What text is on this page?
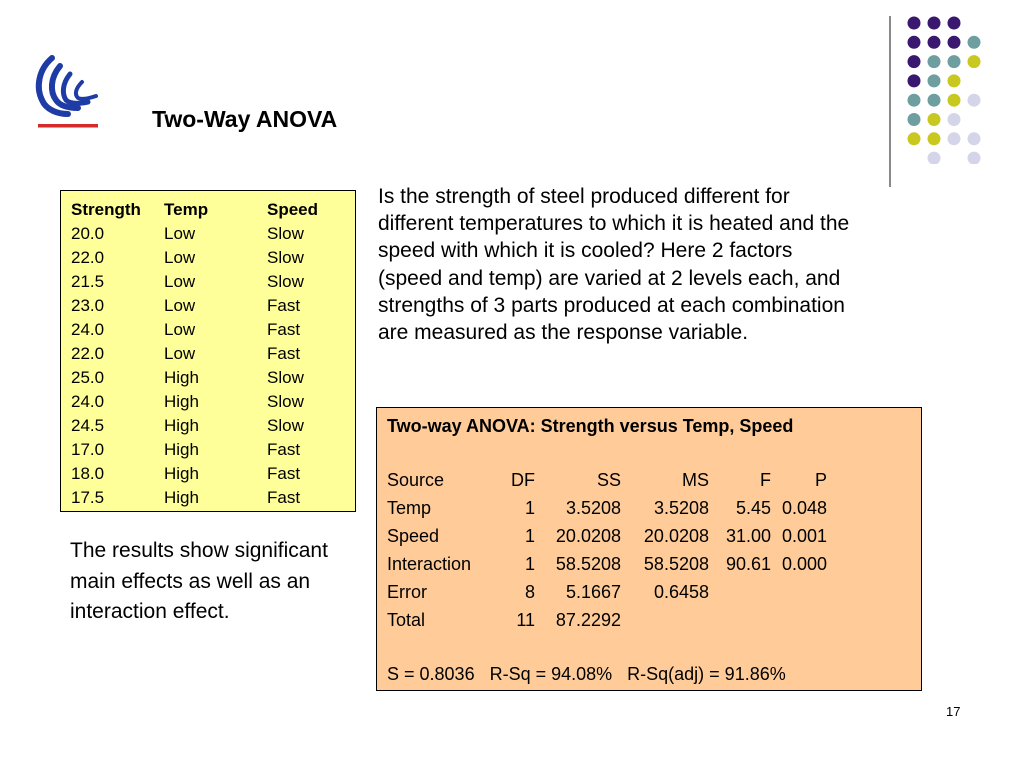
Two-Way ANOVA
Strength	Temp	Speed
20.0	Low	Slow
22.0	Low	Slow
21.5	Low	Slow
23.0	Low	Fast
24.0	Low	Fast
22.0	Low	Fast
25.0	High	Slow
24.0	High	Slow
24.5	High	Slow
17.0	High	Fast
18.0	High	Fast
17.5	High	Fast
Is the strength of steel produced different for different temperatures to which it is heated and the speed with which it is cooled? Here 2 factors (speed and temp) are varied at 2 levels each, and strengths of 3 parts produced at each combination are measured as the response variable.
Two-way ANOVA: Strength versus Temp, Speed
Source	DF	SS	MS	F	P
Temp	1	3.5208	3.5208	5.45 0.048
Speed	1	20.0208	20.0208 31.00 0.001
Interaction	1	58.5208	58.5208 90.61 0.000
Error	8	5.1667	0.6458
Total	11	87.2292
S = 0.8036   R-Sq = 94.08%   R-Sq(adj) = 91.86%
The results show significant main effects as well as an interaction effect.
17
